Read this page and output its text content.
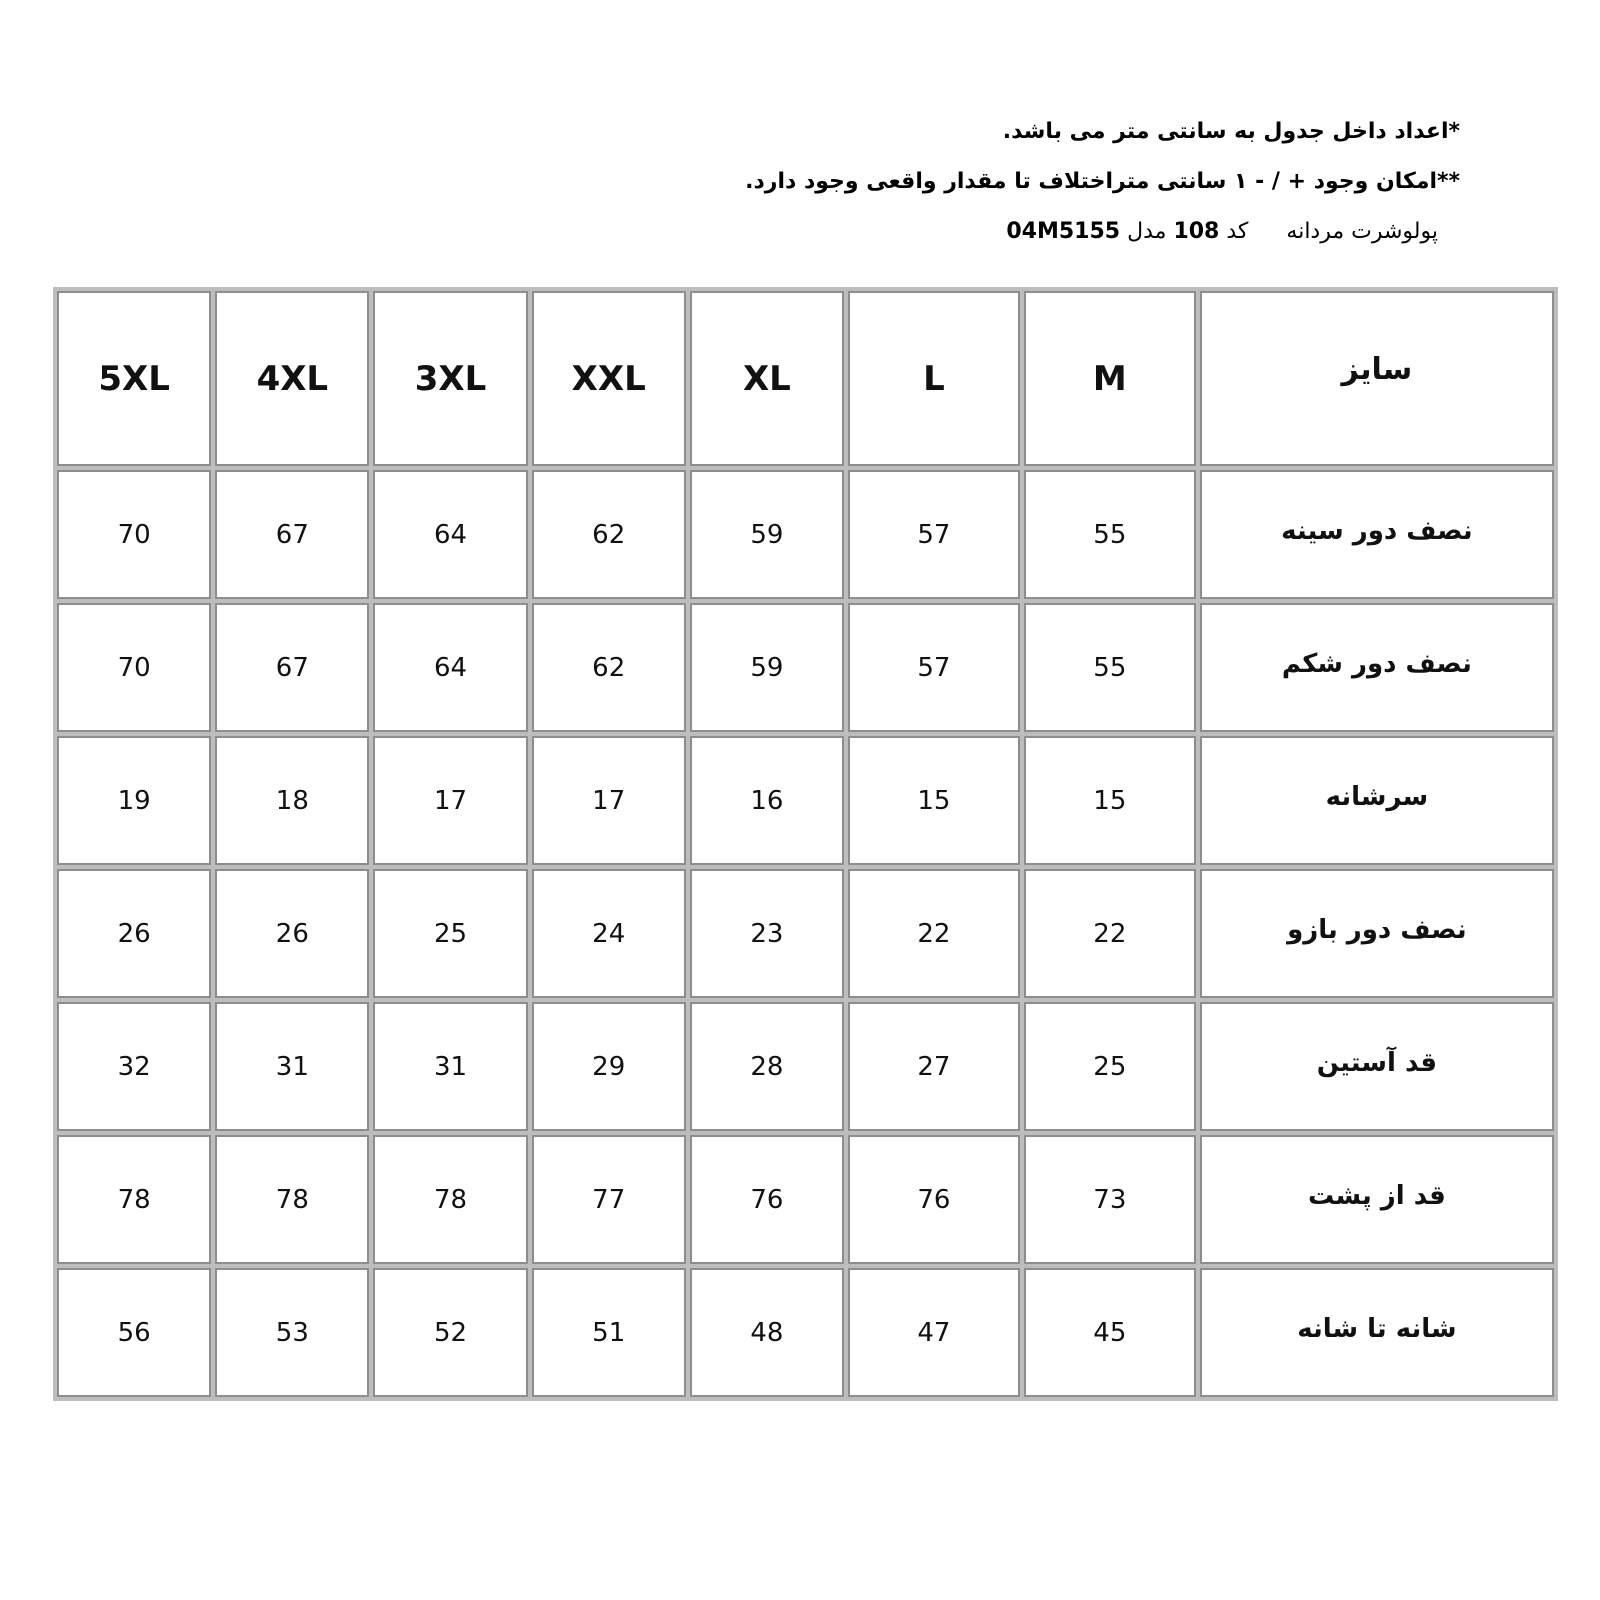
*اعداد داخل جدول به سانتی متر می باشد.
**امکان وجود + / - ۱ سانتی متراختلاف تا مقدار واقعی وجود دارد.
پولوشرت مردانه  کد 108 مدل 04M5155
سایز	M	L	XL	XXL	3XL	4XL	5XL
نصف دور سینه	55	57	59	62	64	67	70
نصف دور شکم	55	57	59	62	64	67	70
سرشانه	15	15	16	17	17	18	19
نصف دور بازو	22	22	23	24	25	26	26
قد آستین	25	27	28	29	31	31	32
قد از پشت	73	76	76	77	78	78	78
شانه تا شانه	45	47	48	51	52	53	56
